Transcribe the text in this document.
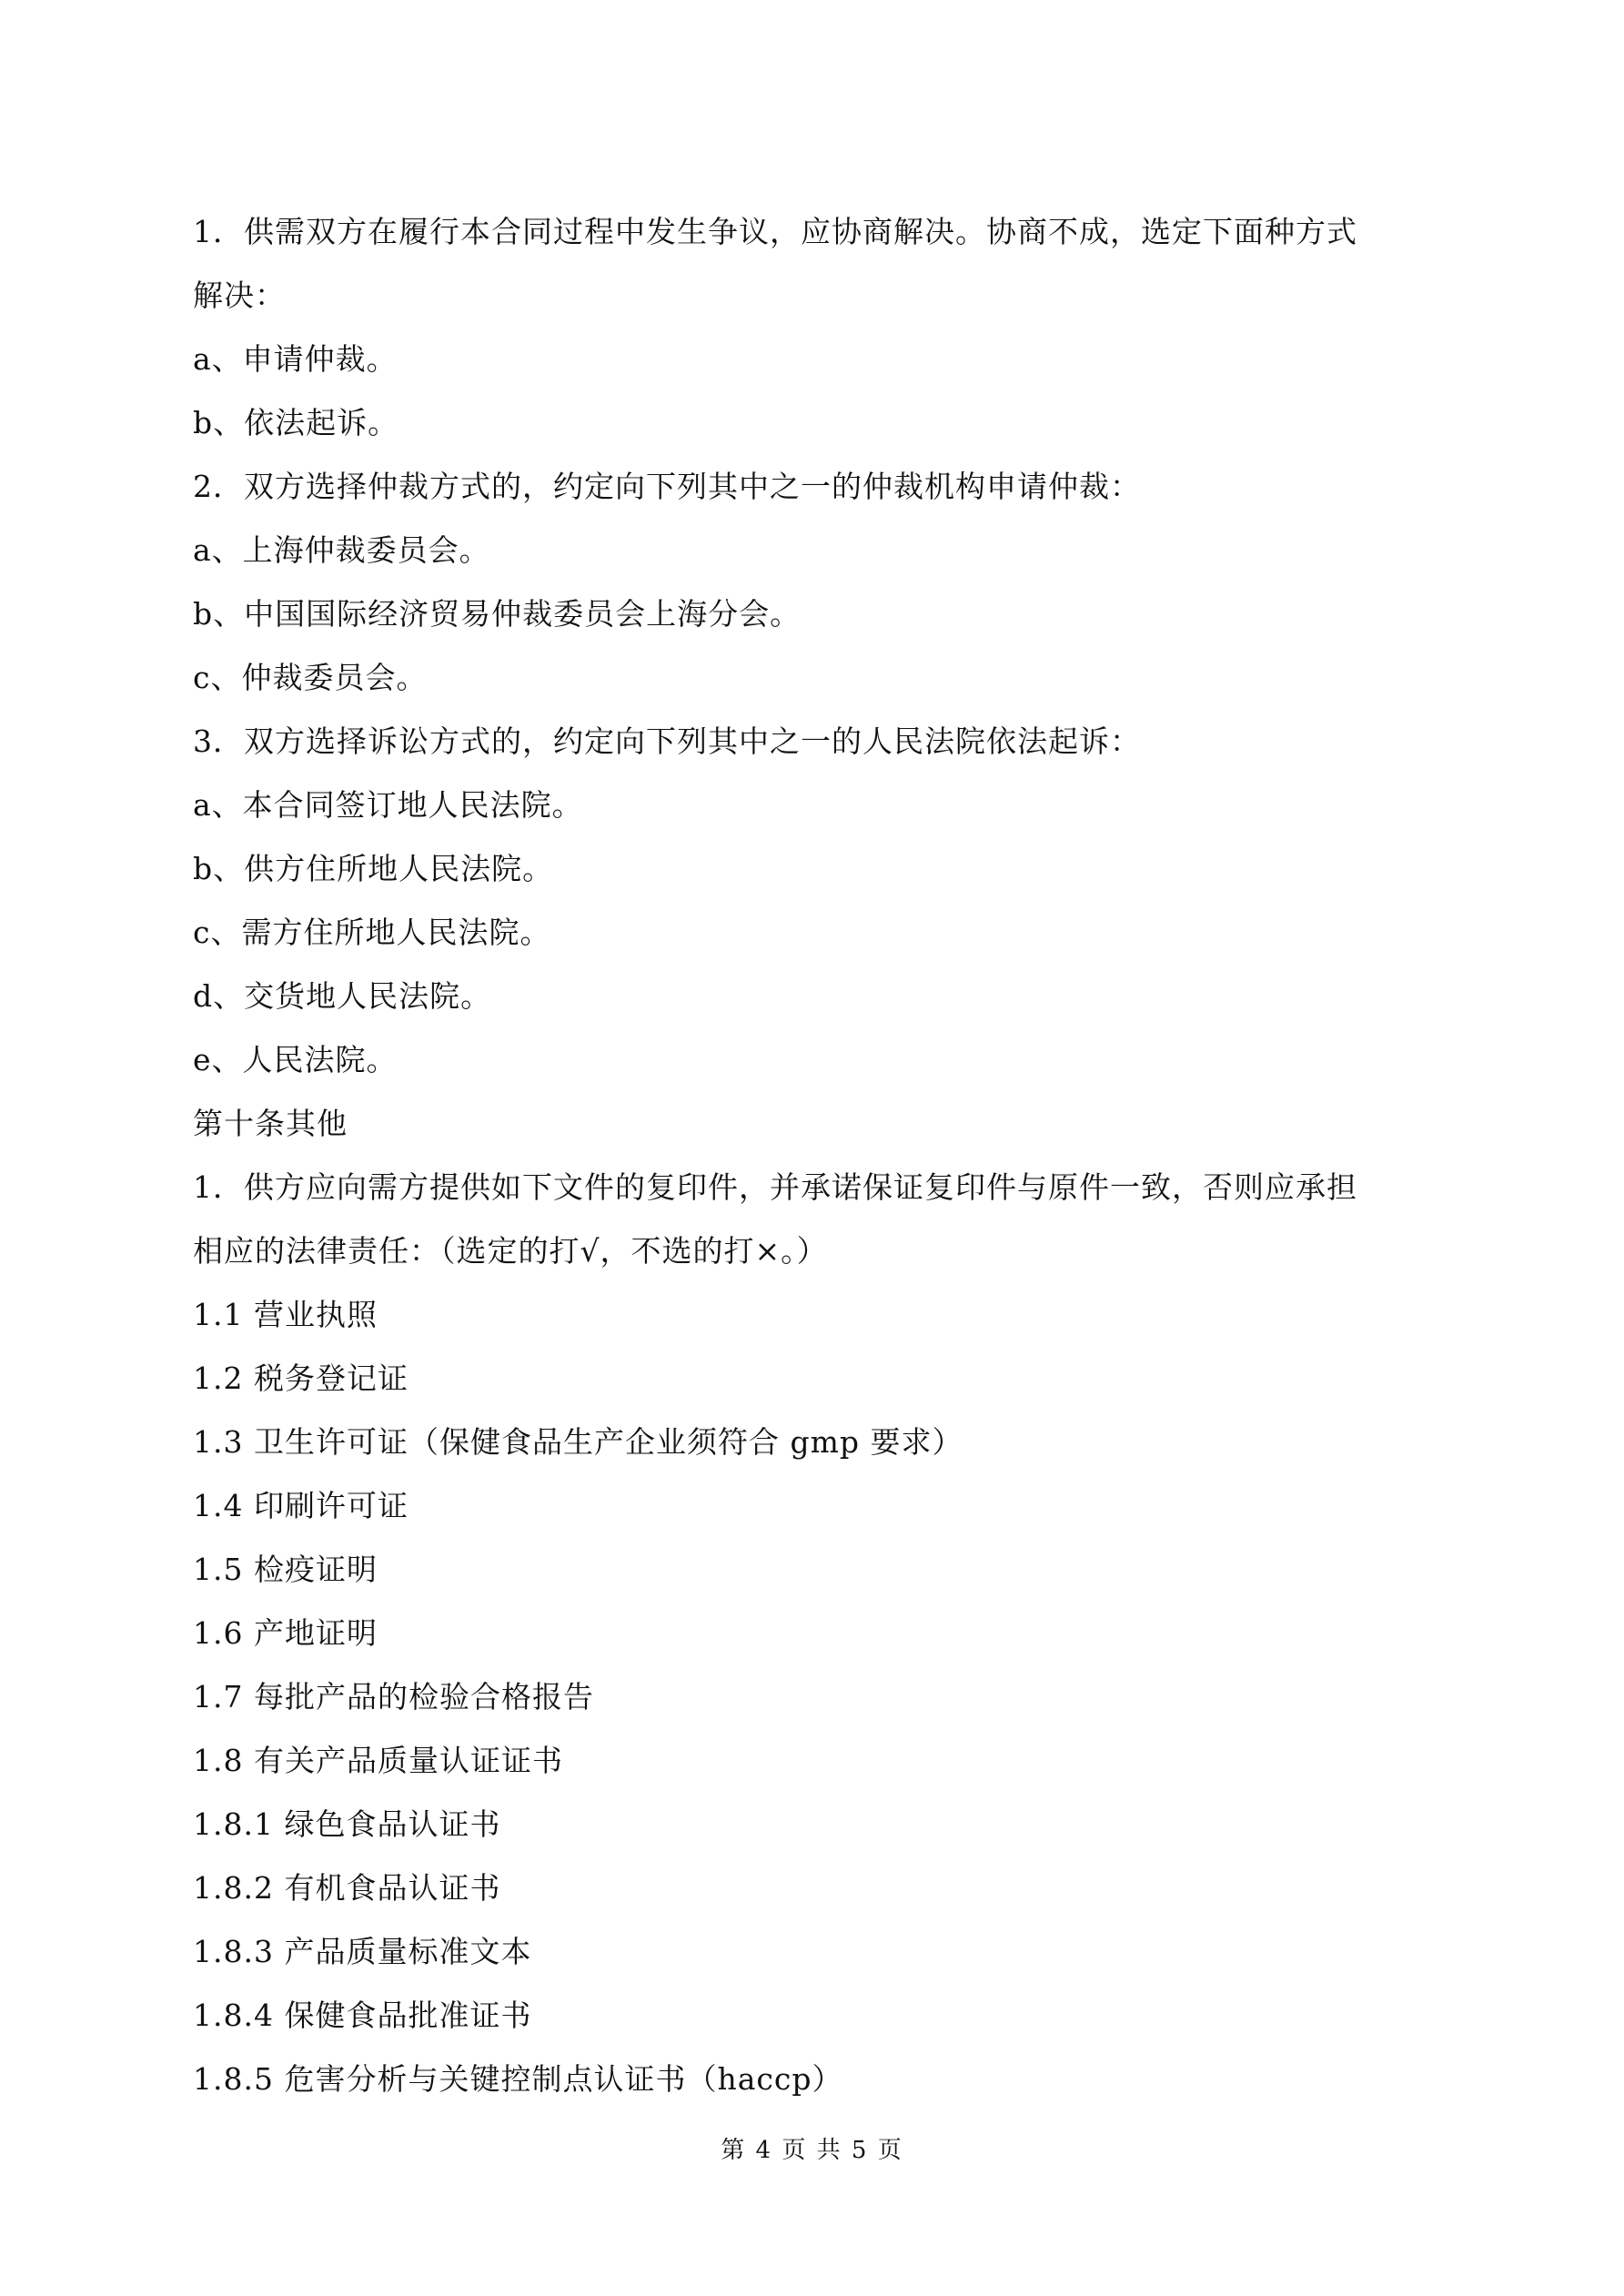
1．供需双方在履行本合同过程中发生争议，应协商解决。协商不成，选定下面种方式
解决：
a、申请仲裁。
b、依法起诉。
2．双方选择仲裁方式的，约定向下列其中之一的仲裁机构申请仲裁：
a、上海仲裁委员会。
b、中国国际经济贸易仲裁委员会上海分会。
c、仲裁委员会。
3．双方选择诉讼方式的，约定向下列其中之一的人民法院依法起诉：
a、本合同签订地人民法院。
b、供方住所地人民法院。
c、需方住所地人民法院。
d、交货地人民法院。
e、人民法院。
第十条其他
1．供方应向需方提供如下文件的复印件，并承诺保证复印件与原件一致，否则应承担
相应的法律责任：（选定的打√，不选的打×。）
1.1 营业执照
1.2 税务登记证
1.3 卫生许可证（保健食品生产企业须符合 gmp 要求）
1.4 印刷许可证
1.5 检疫证明
1.6 产地证明
1.7 每批产品的检验合格报告
1.8 有关产品质量认证证书
1.8.1 绿色食品认证书
1.8.2 有机食品认证书
1.8.3 产品质量标准文本
1.8.4 保健食品批准证书
1.8.5 危害分析与关键控制点认证书（haccp）
第 4 页 共 5 页
